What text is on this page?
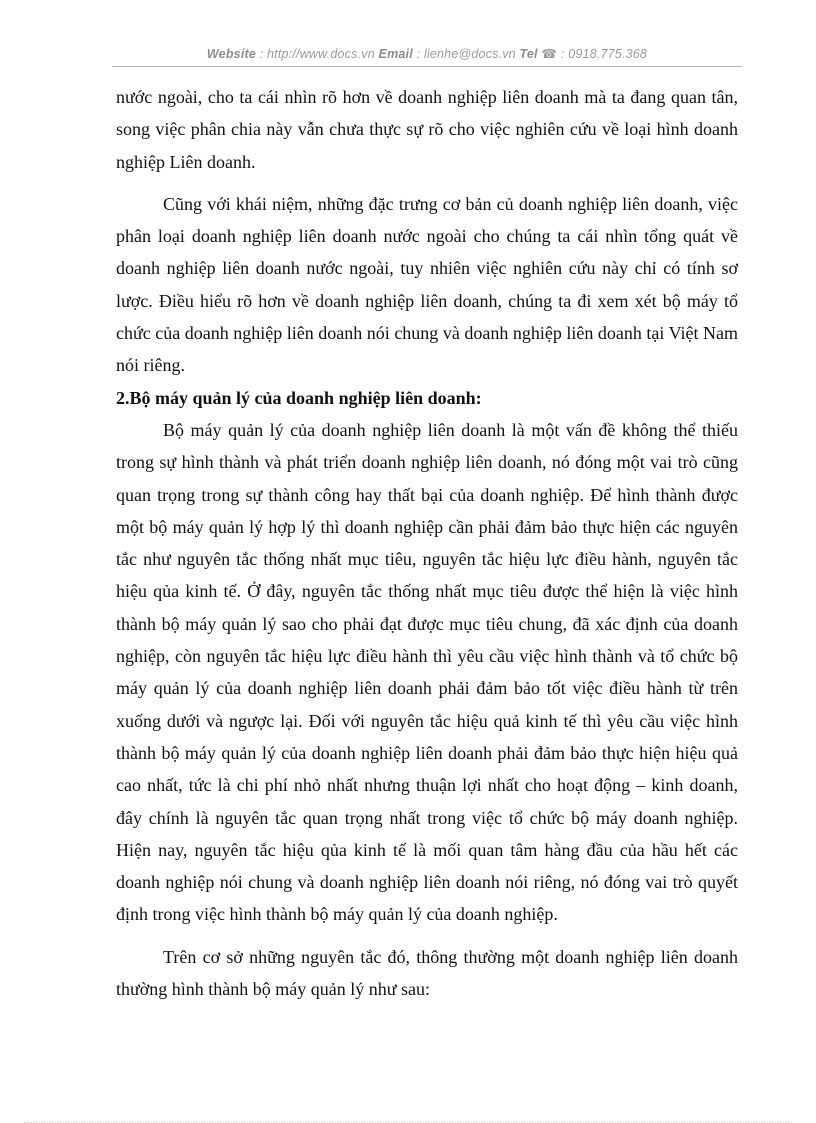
Website : http://www.docs.vn Email : lienhe@docs.vn Tel ☎ : 0918.775.368

nước ngoài, cho ta cái nhìn rõ hơn về doanh nghiệp liên doanh mà ta đang quan tân, song việc phân chia này vẫn chưa thực sự rõ cho việc nghiên cứu về loại hình doanh nghiệp Liên doanh.

Cũng với khái niệm, những đặc trưng cơ bản củ doanh nghiệp liên doanh, việc phân loại doanh nghiệp liên doanh nước ngoài cho chúng ta cái nhìn tổng quát về doanh nghiệp liên doanh nước ngoài, tuy nhiên việc nghiên cứu này chỉ có tính sơ lược. Điều hiểu rõ hơn về doanh nghiệp liên doanh, chúng ta đi xem xét bộ máy tổ chức của doanh nghiệp liên doanh nói chung và doanh nghiệp liên doanh tại Việt Nam nói riêng.

2.Bộ máy quản lý của doanh nghiệp liên doanh:

Bộ máy quản lý của doanh nghiệp liên doanh là một vấn đề không thể thiếu trong sự hình thành và phát triển doanh nghiệp liên doanh, nó đóng một vai trò cũng quan trọng trong sự thành công hay thất bại của doanh nghiệp. Để hình thành được một bộ máy quản lý hợp lý thì doanh nghiệp cần phải đảm bảo thực hiện các nguyên tắc như nguyên tắc thống nhất mục tiêu, nguyên tắc hiệu lực điều hành, nguyên tắc hiệu qủa kinh tế. Ở đây, nguyên tắc thống nhất mục tiêu được thể hiện là việc hình thành bộ máy quản lý sao cho phải đạt được mục tiêu chung, đã xác định của doanh nghiệp, còn nguyên tắc hiệu lực điều hành thì yêu cầu việc hình thành và tổ chức bộ máy quản lý của doanh nghiệp liên doanh phải đảm bảo tốt việc điều hành từ trên xuống dưới và ngược lại. Đối với nguyên tắc hiệu quả kinh tế thì yêu cầu việc hình thành bộ máy quản lý của doanh nghiệp liên doanh phải đảm bảo thực hiện hiệu quả cao nhất, tức là chi phí nhỏ nhất nhưng thuận lợi nhất cho hoạt động – kinh doanh, đây chính là nguyên tắc quan trọng nhất trong việc tổ chức bộ máy doanh nghiệp. Hiện nay, nguyên tắc hiệu qủa kinh tế là mối quan tâm hàng đầu của hầu hết các doanh nghiệp nói chung và doanh nghiệp liên doanh nói riêng, nó đóng vai trò quyết định trong việc hình thành bộ máy quản lý của doanh nghiệp.

Trên cơ sở những nguyên tắc đó, thông thường một doanh nghiệp liên doanh thường hình thành bộ máy quản lý như sau:
